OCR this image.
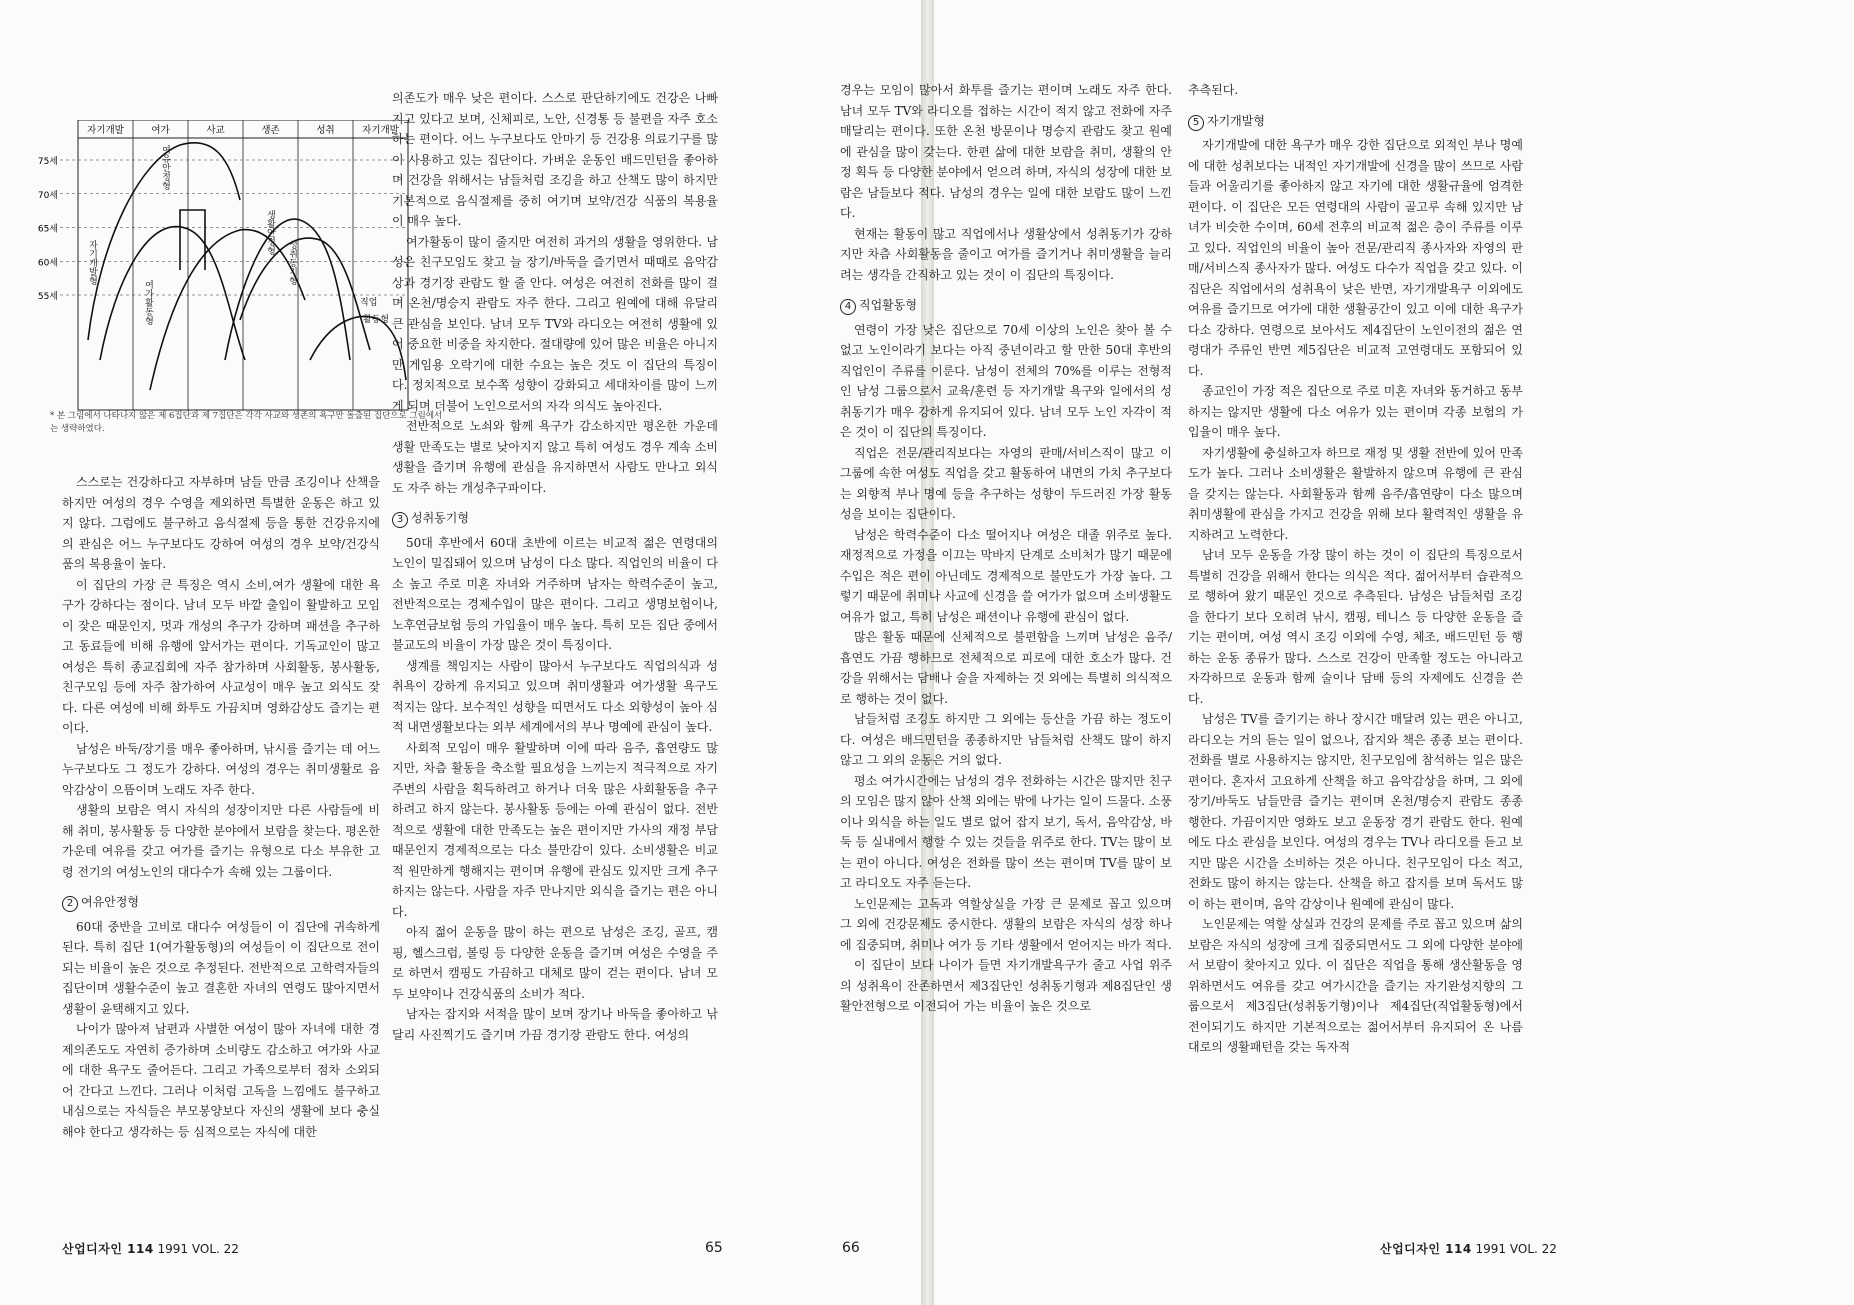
자기개발	여가	사교	생존	성취	자기개발
75세
70세
65세
60세
55세
자기개발형
여가활동형
여유안정형
생활안정형
성취동기형
직업
활동형
* 본 그림에서 나타나지 않은 제 6집단과 제 7집단은 각각 사교와 생존의 욕구만 돌출된 집단으로 그림에서는 생략하였다.

스스로는 건강하다고 자부하며 남들 만큼 조깅이나 산책을 하지만 여성의 경우 수영을 제외하면 특별한 운동은 하고 있지 않다. 그럼에도 불구하고 음식절제 등을 통한 건강유지에의 관심은 어느 누구보다도 강하여 여성의 경우 보약/건강식품의 복용율이 높다.

이 집단의 가장 큰 특징은 역시 소비,여가 생활에 대한 욕구가 강하다는 점이다. 남녀 모두 바깥 출입이 활발하고 모임이 잦은 때문인지, 멋과 개성의 추구가 강하며 패션을 추구하고 동료들에 비해 유행에 앞서가는 편이다. 기독교인이 많고 여성은 특히 종교집회에 자주 참가하며 사회활동, 봉사활동, 친구모임 등에 자주 참가하여 사교성이 매우 높고 외식도 잦다. 다른 여성에 비해 화투도 가끔치며 영화감상도 즐기는 편이다.

남성은 바둑/장기를 매우 좋아하며, 낚시를 즐기는 데 어느 누구보다도 그 정도가 강하다. 여성의 경우는 취미생활로 음악감상이 으뜸이며 노래도 자주 한다.

생활의 보람은 역시 자식의 성장이지만 다른 사람들에 비해 취미, 봉사활동 등 다양한 분야에서 보람을 찾는다. 평온한 가운데 여유를 갖고 여가를 즐기는 유형으로 다소 부유한 고령 전기의 여성노인의 대다수가 속해 있는 그룹이다.

2 여유안정형

60대 중반을 고비로 대다수 여성들이 이 집단에 귀속하게 된다. 특히 집단 1(여가활동형)의 여성들이 이 집단으로 전이되는 비율이 높은 것으로 추정된다. 전반적으로 고학력자들의 집단이며 생활수준이 높고 결혼한 자녀의 연령도 많아지면서 생활이 윤택해지고 있다.

나이가 많아져 남편과 사별한 여성이 많아 자녀에 대한 경제의존도도 자연히 증가하며 소비량도 감소하고 여가와 사교에 대한 욕구도 줄어든다. 그리고 가족으로부터 점차 소외되어 간다고 느낀다. 그러나 이처럼 고독을 느낌에도 불구하고 내심으로는 자식들은 부모봉양보다 자신의 생활에 보다 충실해야 한다고 생각하는 등 심적으로는 자식에 대한

의존도가 매우 낮은 편이다. 스스로 판단하기에도 건강은 나빠지고 있다고 보며, 신체피로, 노안, 신경통 등 불편을 자주 호소하는 편이다. 어느 누구보다도 안마기 등 건강용 의료기구를 많이 사용하고 있는 집단이다. 가벼운 운동인 배드민턴을 좋아하며 건강을 위해서는 남들처럼 조깅을 하고 산책도 많이 하지만 기본적으로 음식절제를 중히 여기며 보약/건강 식품의 복용율이 매우 높다.

여가활동이 많이 줄지만 여전히 과거의 생활을 영위한다. 남성은 친구모임도 찾고 늘 장기/바둑을 즐기면서 때때로 음악감상과 경기장 관람도 할 줄 안다. 여성은 여전히 전화를 많이 걸며 온천/명승지 관람도 자주 한다. 그리고 원예에 대해 유달리 큰 관심을 보인다. 남녀 모두 TV와 라디오는 여전히 생활에 있어 중요한 비중을 차지한다. 절대량에 있어 많은 비율은 아니지만 게임용 오락기에 대한 수요는 높은 것도 이 집단의 특징이다. 정치적으로 보수쪽 성향이 강화되고 세대차이를 많이 느끼게 되며 더불어 노인으로서의 자각 의식도 높아진다.

전반적으로 노쇠와 함께 욕구가 감소하지만 평온한 가운데 생활 만족도는 별로 낮아지지 않고 특히 여성도 경우 계속 소비생활을 즐기며 유행에 관심을 유지하면서 사람도 만나고 외식도 자주 하는 개성추구파이다.

3 성취동기형

50대 후반에서 60대 초반에 이르는 비교적 젊은 연령대의 노인이 밀집돼어 있으며 남성이 다소 많다. 직업인의 비율이 다소 높고 주로 미혼 자녀와 거주하며 남자는 학력수준이 높고, 전반적으로는 경제수입이 많은 편이다. 그리고 생명보험이나, 노후연금보험 등의 가입율이 매우 높다. 특히 모든 집단 중에서 불교도의 비율이 가장 많은 것이 특징이다.

생계를 책임지는 사람이 많아서 누구보다도 직업의식과 성취욕이 강하게 유지되고 있으며 취미생활과 여가생활 욕구도 적지는 않다. 보수적인 성향을 띠면서도 다소 외향성이 높아 심적 내면생활보다는 외부 세계에서의 부나 명예에 관심이 높다.

사회적 모임이 매우 활발하며 이에 따라 음주, 흡연량도 많지만, 차츰 활동을 축소할 필요성을 느끼는지 적극적으로 자기 주변의 사람을 획득하려고 하거나 더욱 많은 사회활동을 추구하려고 하지 않는다. 봉사활동 등에는 아예 관심이 없다. 전반적으로 생활에 대한 만족도는 높은 편이지만 가사의 재정 부담 때문인지 경제적으로는 다소 불만감이 있다. 소비생활은 비교적 원만하게 행해지는 편이며 유행에 관심도 있지만 크게 추구하지는 않는다. 사람을 자주 만나지만 외식을 즐기는 편은 아니다.

아직 젊어 운동을 많이 하는 편으로 남성은 조깅, 골프, 캠핑, 헬스크럽, 볼링 등 다양한 운동을 즐기며 여성은 수영을 주로 하면서 캠핑도 가끔하고 대체로 많이 걷는 편이다. 남녀 모두 보약이나 건강식품의 소비가 적다.

남자는 잡지와 서적을 많이 보며 장기나 바둑을 좋아하고 낚달리 사진찍기도 즐기며 가끔 경기장 관람도 한다. 여성의

산업디자인 114 1991 VOL. 22	65

경우는 모임이 많아서 화투를 즐기는 편이며 노래도 자주 한다. 남녀 모두 TV와 라디오를 접하는 시간이 적지 않고 전화에 자주 매달리는 편이다. 또한 온천 방문이나 명승지 관람도 찾고 원예에 관심을 많이 갖는다. 한편 삶에 대한 보람을 취미, 생활의 안정 획득 등 다양한 분야에서 얻으려 하며, 자식의 성장에 대한 보람은 남들보다 적다. 남성의 경우는 일에 대한 보람도 많이 느낀다.

현재는 활동이 많고 직업에서나 생활상에서 성취동기가 강하지만 차츰 사회활동을 줄이고 여가를 즐기거나 취미생활을 늘리려는 생각을 간직하고 있는 것이 이 집단의 특징이다.

4 직업활동형

연령이 가장 낮은 집단으로 70세 이상의 노인은 찾아 볼 수 없고 노인이라기 보다는 아직 중년이라고 할 만한 50대 후반의 직업인이 주류를 이룬다. 남성이 전체의 70%를 이루는 전형적인 남성 그룹으로서 교육/훈련 등 자기개발 욕구와 일에서의 성취동기가 매우 강하게 유지되어 있다. 남녀 모두 노인 자각이 적은 것이 이 집단의 특징이다.

직업은 전문/관리직보다는 자영의 판매/서비스직이 많고 이 그룹에 속한 여성도 직업을 갖고 활동하여 내면의 가치 추구보다는 외향적 부나 명예 등을 추구하는 성향이 두드러진 가장 활동성을 보이는 집단이다.

남성은 학력수준이 다소 떨어지나 여성은 대졸 위주로 높다. 재정적으로 가정을 이끄는 막바지 단계로 소비처가 많기 때문에 수입은 적은 편이 아닌데도 경제적으로 불만도가 가장 높다. 그렇기 때문에 취미나 사교에 신경을 쓸 여가가 없으며 소비생활도 여유가 없고, 특히 남성은 패션이나 유행에 관심이 없다.

많은 활동 때문에 신체적으로 불편함을 느끼며 남성은 음주/흡연도 가끔 행하므로 전체적으로 피로에 대한 호소가 많다. 건강을 위해서는 담배나 술을 자제하는 것 외에는 특별히 의식적으로 행하는 것이 없다.

남들처럼 조깅도 하지만 그 외에는 등산을 가끔 하는 정도이다. 여성은 배드민턴을 종종하지만 남들처럼 산책도 많이 하지 않고 그 외의 운동은 거의 없다.

평소 여가시간에는 남성의 경우 전화하는 시간은 많지만 친구의 모임은 많지 않아 산책 외에는 밖에 나가는 일이 드물다. 소풍이나 외식을 하는 일도 별로 없어 잡지 보기, 독서, 음악감상, 바둑 등 실내에서 행할 수 있는 것들을 위주로 한다. TV는 많이 보는 편이 아니다. 여성은 전화를 많이 쓰는 편이며 TV를 많이 보고 라디오도 자주 듣는다.

노인문제는 고독과 역할상실을 가장 큰 문제로 꼽고 있으며 그 외에 건강문제도 중시한다. 생활의 보람은 자식의 성장 하나에 집중되며, 취미나 여가 등 기타 생활에서 얻어지는 바가 적다.

이 집단이 보다 나이가 들면 자기개발욕구가 줄고 사업 위주의 성취욕이 잔존하면서 제3집단인 성취동기형과 제8집단인 생활안전형으로 이전되어 가는 비율이 높은 것으로

추측된다.

5 자기개발형

자기개발에 대한 욕구가 매우 강한 집단으로 외적인 부나 명예에 대한 성취보다는 내적인 자기개발에 신경을 많이 쓰므로 사람들과 어울리기를 좋아하지 않고 자기에 대한 생활규율에 엄격한 편이다. 이 집단은 모든 연령대의 사람이 골고루 속해 있지만 남녀가 비슷한 수이며, 60세 전후의 비교적 젊은 층이 주류를 이루고 있다. 직업인의 비율이 높아 전문/관리직 종사자와 자영의 판매/서비스직 종사자가 많다. 여성도 다수가 직업을 갖고 있다. 이 집단은 직업에서의 성취욕이 낮은 반면, 자기개발욕구 이외에도 여유를 즐기므로 여가에 대한 생활공간이 있고 이에 대한 욕구가 다소 강하다. 연령으로 보아서도 제4집단이 노인이전의 젊은 연령대가 주류인 반면 제5집단은 비교적 고연령대도 포함되어 있다.

종교인이 가장 적은 집단으로 주로 미혼 자녀와 동거하고 동부하지는 않지만 생활에 다소 여유가 있는 편이며 각종 보험의 가입율이 매우 높다.

자기생활에 충실하고자 하므로 재정 및 생활 전반에 있어 만족도가 높다. 그러나 소비생활은 활발하지 않으며 유행에 큰 관심을 갖지는 않는다. 사회활동과 함께 음주/흡연량이 다소 많으며 취미생활에 관심을 가지고 건강을 위해 보다 활력적인 생활을 유지하려고 노력한다.

남녀 모두 운동을 가장 많이 하는 것이 이 집단의 특징으로서 특별히 건강을 위해서 한다는 의식은 적다. 젊어서부터 습관적으로 행하여 왔기 때문인 것으로 추측된다. 남성은 남들처럼 조깅을 한다기 보다 오히려 낚시, 캠핑, 테니스 등 다양한 운동을 즐기는 편이며, 여성 역시 조깅 이외에 수영, 체조, 배드민턴 등 행하는 운동 종류가 많다. 스스로 건강이 만족할 정도는 아니라고 자각하므로 운동과 함께 술이나 담배 등의 자제에도 신경을 쓴다.

남성은 TV를 즐기기는 하나 장시간 매달려 있는 편은 아니고, 라디오는 거의 듣는 일이 없으나, 잡지와 책은 종종 보는 편이다. 전화를 별로 사용하지는 않지만, 친구모임에 참석하는 일은 많은 편이다. 혼자서 고요하게 산책을 하고 음악감상을 하며, 그 외에 장기/바둑도 남들만큼 즐기는 편이며 온천/명승지 관람도 종종 행한다. 가끔이지만 영화도 보고 운동장 경기 관람도 한다. 원예에도 다소 관심을 보인다. 여성의 경우는 TV나 라디오를 듣고 보지만 많은 시간을 소비하는 것은 아니다. 친구모임이 다소 적고, 전화도 많이 하지는 않는다. 산책을 하고 잡지를 보며 독서도 많이 하는 편이며, 음악 감상이나 원예에 관심이 많다.

노인문제는 역할 상실과 건강의 문제를 주로 꼽고 있으며 삶의 보람은 자식의 성장에 크게 집중되면서도 그 외에 다양한 분야에서 보람이 찾아지고 있다. 이 집단은 직업을 통해 생산활동을 영위하면서도 여유를 갖고 여가시간을 즐기는 자기완성지향의 그룹으로서 제3집단(성취동기형)이나 제4집단(직업활동형)에서 전이되기도 하지만 기본적으로는 젊어서부터 유지되어 온 나름대로의 생활패턴을 갖는 독자적

66	산업디자인 114 1991 VOL. 22
